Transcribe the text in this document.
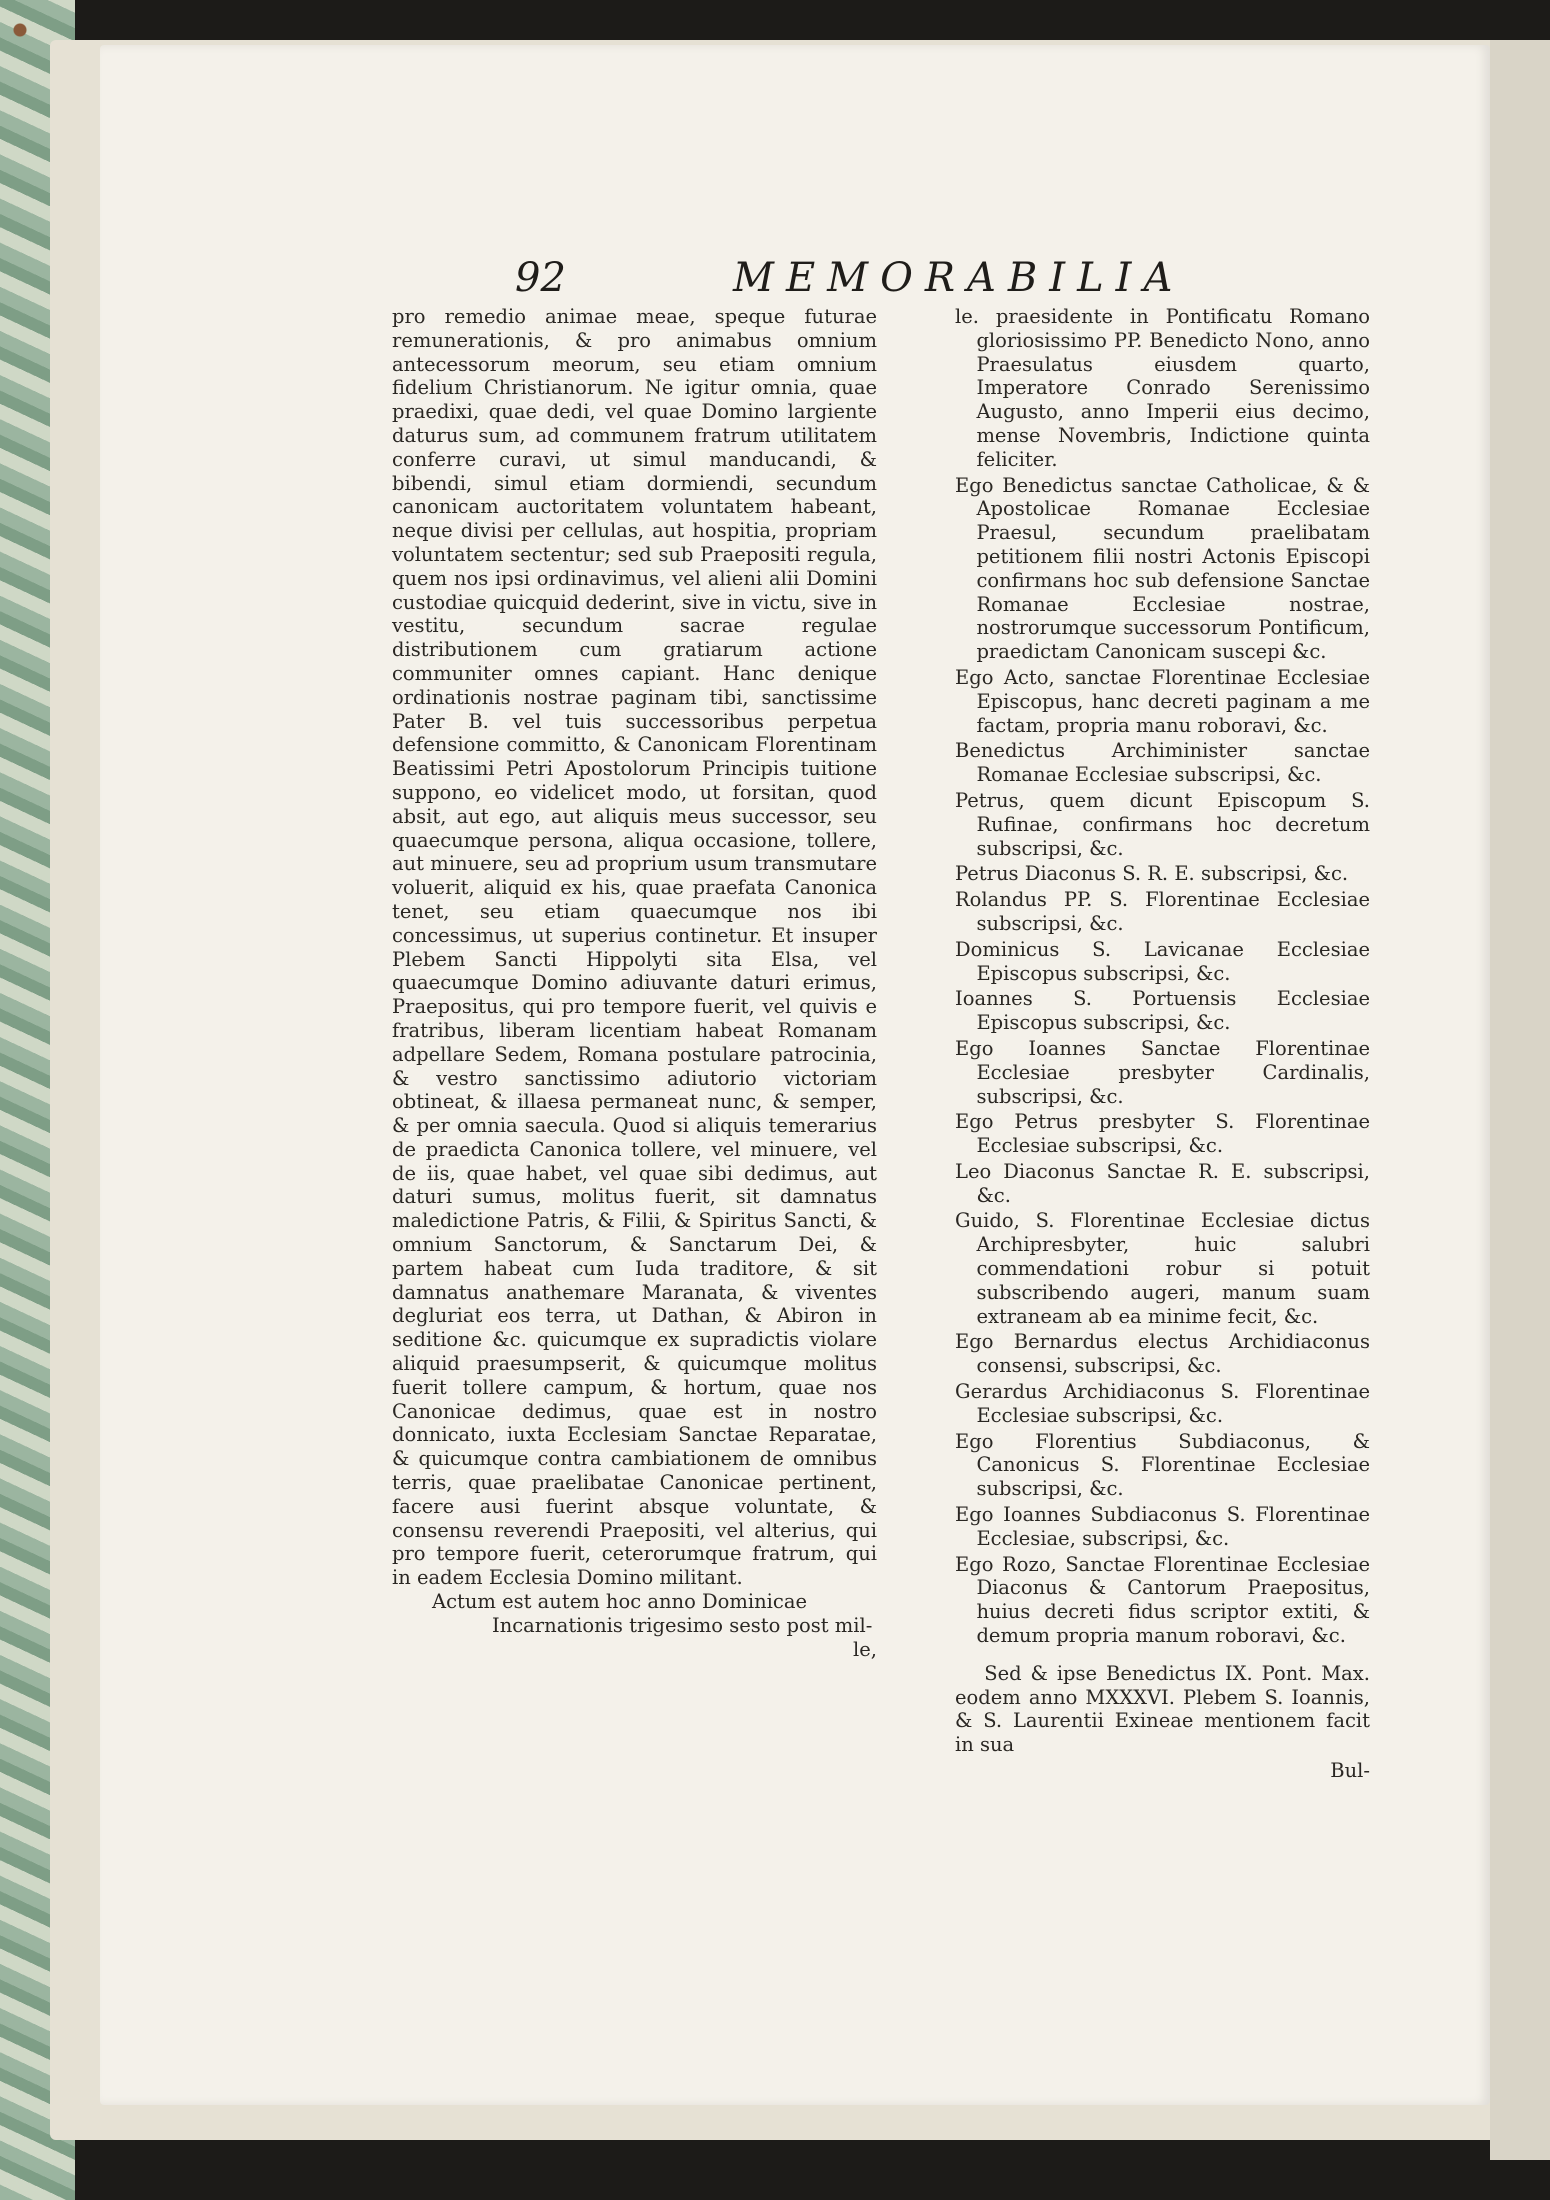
92	MEMORABILIA

pro remedio animae meae, speque futurae remunerationis, & pro animabus omnium antecessorum meorum, seu etiam omnium fidelium Christianorum. Ne igitur omnia, quae praedixi, quae dedi, vel quae Domino largiente daturus sum, ad communem fratrum utilitatem conferre curavi, ut simul manducandi, & bibendi, simul etiam dormiendi, secundum canonicam auctoritatem voluntatem habeant, neque divisi per cellulas, aut hospitia, propriam voluntatem sectentur; sed sub Praepositi regula, quem nos ipsi ordinavimus, vel alieni alii Domini custodiae quicquid dederint, sive in victu, sive in vestitu, secundum sacrae regulae distributionem cum gratiarum actione communiter omnes capiant. Hanc denique ordinationis nostrae paginam tibi, sanctissime Pater B. vel tuis successoribus perpetua defensione committo, & Canonicam Florentinam Beatissimi Petri Apostolorum Principis tuitione suppono, eo videlicet modo, ut forsitan, quod absit, aut ego, aut aliquis meus successor, seu quaecumque persona, aliqua occasione, tollere, aut minuere, seu ad proprium usum transmutare voluerit, aliquid ex his, quae praefata Canonica tenet, seu etiam quaecumque nos ibi concessimus, ut superius continetur. Et insuper Plebem Sancti Hippolyti sita Elsa, vel quaecumque Domino adiuvante daturi erimus, Praepositus, qui pro tempore fuerit, vel quivis e fratribus, liberam licentiam habeat Romanam adpellare Sedem, Romana postulare patrocinia, & vestro sanctissimo adiutorio victoriam obtineat, & illaesa permaneat nunc, & semper, & per omnia saecula. Quod si aliquis temerarius de praedicta Canonica tollere, vel minuere, vel de iis, quae habet, vel quae sibi dedimus, aut daturi sumus, molitus fuerit, sit damnatus maledictione Patris, & Filii, & Spiritus Sancti, & omnium Sanctorum, & Sanctarum Dei, & partem habeat cum Iuda traditore, & sit damnatus anathemare Maranata, & viventes degluriat eos terra, ut Dathan, & Abiron in seditione &c. quicumque ex supradictis violare aliquid praesumpserit, & quicumque molitus fuerit tollere campum, & hortum, quae nos Canonicae dedimus, quae est in nostro donnicato, iuxta Ecclesiam Sanctae Reparatae, & quicumque contra cambiationem de omnibus terris, quae praelibatae Canonicae pertinent, facere ausi fuerint absque voluntate, & consensu reverendi Praepositi, vel alterius, qui pro tempore fuerit, ceterorumque fratrum, qui in eadem Ecclesia Domino militant.

Actum est autem hoc anno Dominicae

Incarnationis trigesimo sesto post mil-

le,

le. praesidente in Pontificatu Romano gloriosissimo PP. Benedicto Nono, anno Praesulatus eiusdem quarto, Imperatore Conrado Serenissimo Augusto, anno Imperii eius decimo, mense Novembris, Indictione quinta feliciter.

Ego Benedictus sanctae Catholicae, & & Apostolicae Romanae Ecclesiae Praesul, secundum praelibatam petitionem filii nostri Actonis Episcopi confirmans hoc sub defensione Sanctae Romanae Ecclesiae nostrae, nostrorumque successorum Pontificum, praedictam Canonicam suscepi &c.

Ego Acto, sanctae Florentinae Ecclesiae Episcopus, hanc decreti paginam a me factam, propria manu roboravi, &c.

Benedictus Archiminister sanctae Romanae Ecclesiae subscripsi, &c.

Petrus, quem dicunt Episcopum S. Rufinae, confirmans hoc decretum subscripsi, &c.

Petrus Diaconus S. R. E. subscripsi, &c.

Rolandus PP. S. Florentinae Ecclesiae subscripsi, &c.

Dominicus S. Lavicanae Ecclesiae Episcopus subscripsi, &c.

Ioannes S. Portuensis Ecclesiae Episcopus subscripsi, &c.

Ego Ioannes Sanctae Florentinae Ecclesiae presbyter Cardinalis, subscripsi, &c.

Ego Petrus presbyter S. Florentinae Ecclesiae subscripsi, &c.

Leo Diaconus Sanctae R. E. subscripsi, &c.

Guido, S. Florentinae Ecclesiae dictus Archipresbyter, huic salubri commendationi robur si potuit subscribendo augeri, manum suam extraneam ab ea minime fecit, &c.

Ego Bernardus electus Archidiaconus consensi, subscripsi, &c.

Gerardus Archidiaconus S. Florentinae Ecclesiae subscripsi, &c.

Ego Florentius Subdiaconus, & Canonicus S. Florentinae Ecclesiae subscripsi, &c.

Ego Ioannes Subdiaconus S. Florentinae Ecclesiae, subscripsi, &c.

Ego Rozo, Sanctae Florentinae Ecclesiae Diaconus & Cantorum Praepositus, huius decreti fidus scriptor extiti, & demum propria manum roboravi, &c.

Sed & ipse Benedictus IX. Pont. Max. eodem anno MXXXVI. Plebem S. Ioannis, & S. Laurentii Exineae mentionem facit in sua

Bul-
